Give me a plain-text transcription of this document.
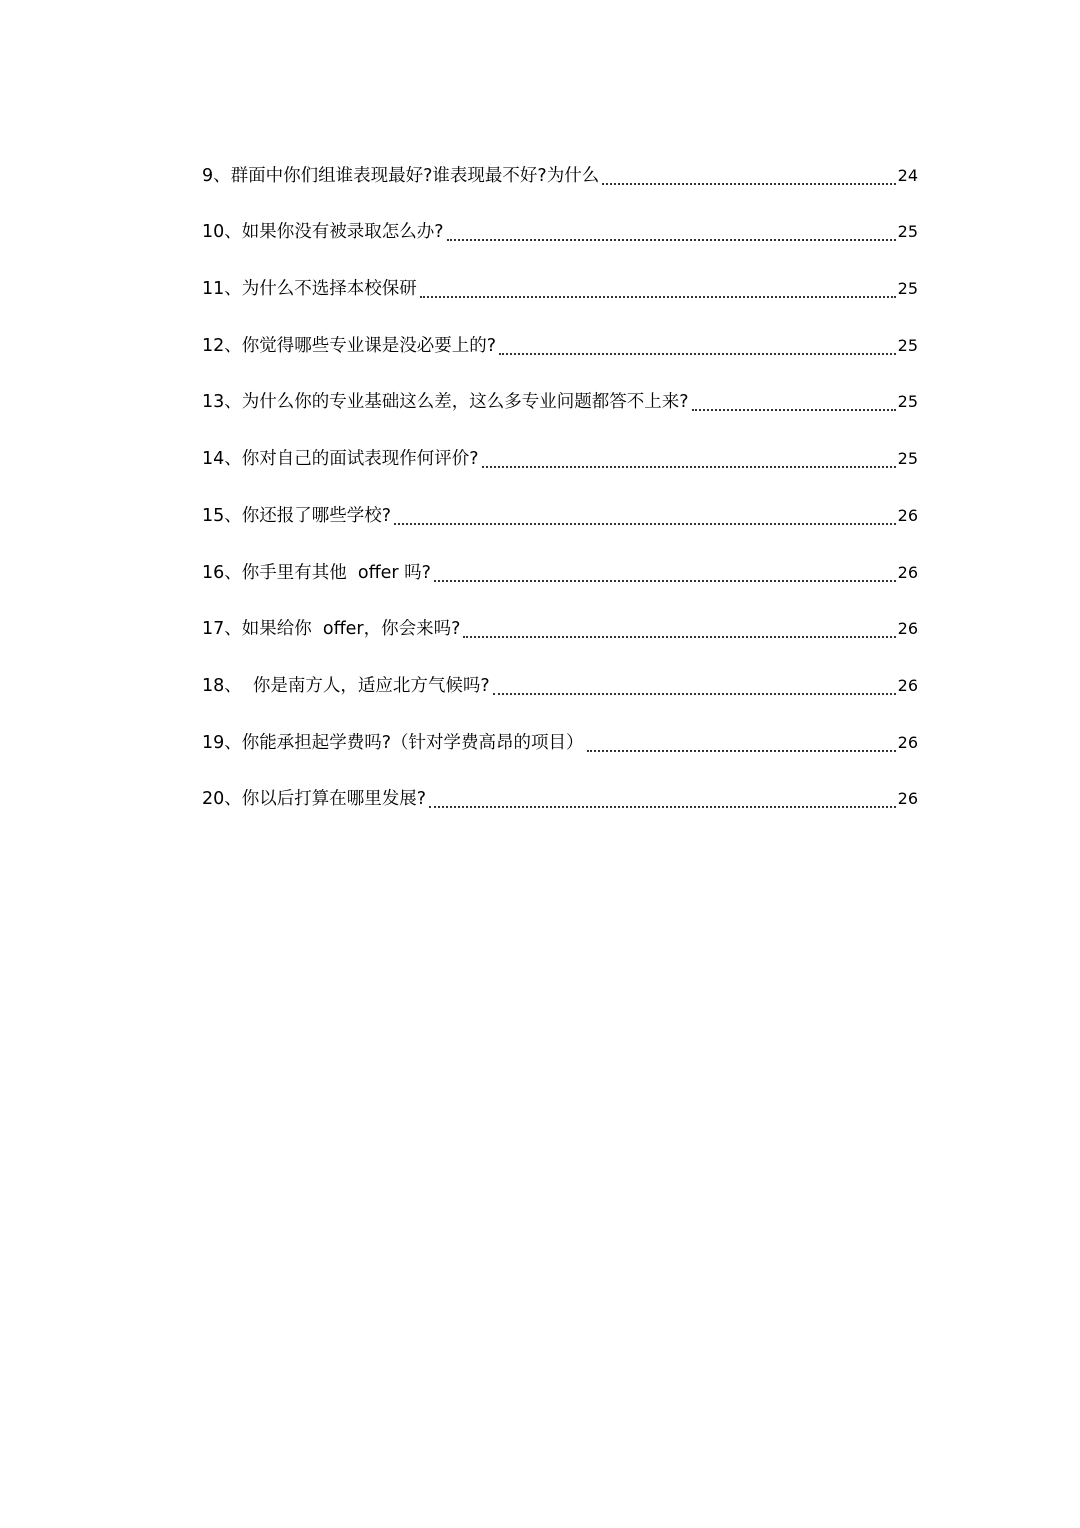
9、群面中你们组谁表现最好?谁表现最不好?为什么	24
10、如果你没有被录取怎么办?	25
11、为什么不选择本校保研	25
12、你觉得哪些专业课是没必要上的?	25
13、为什么你的专业基础这么差，这么多专业问题都答不上来?	25
14、你对自己的面试表现作何评价?	25
15、你还报了哪些学校?	26
16、你手里有其他  offer 吗?	26
17、如果给你  offer，你会来吗?	26
18、  你是南方人，适应北方气候吗?	26
19、你能承担起学费吗?（针对学费高昂的项目）	26
20、你以后打算在哪里发展?	26
